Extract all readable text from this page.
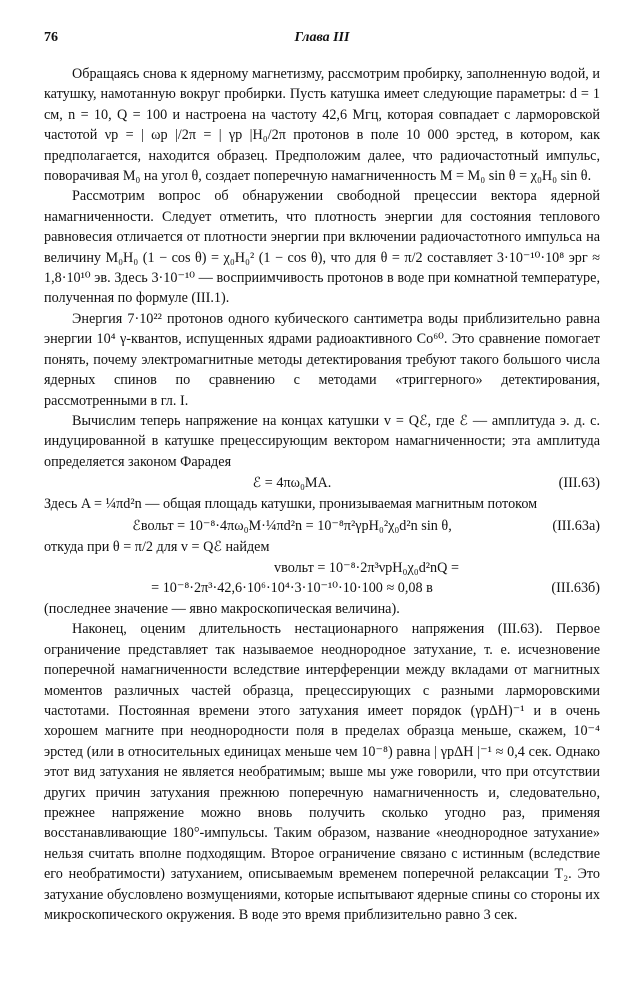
76	Глава III

Обращаясь снова к ядерному магнетизму, рассмотрим пробирку, заполненную водой, и катушку, намотанную вокруг пробирки. Пусть катушка имеет следующие параметры: d = 1 см, n = 10, Q = 100 и настроена на частоту 42,6 Мгц, которая совпадает с ларморовской частотой νp = | ωp |/2π = | γp |H₀/2π протонов в поле 10 000 эрстед, в котором, как предполагается, находится образец. Предположим далее, что радиочастотный импульс, поворачивая M₀ на угол θ, создает поперечную намагниченность M = M₀ sin θ = χ₀H₀ sin θ.

Рассмотрим вопрос об обнаружении свободной прецессии вектора ядерной намагниченности. Следует отметить, что плотность энергии для состояния теплового равновесия отличается от плотности энергии при включении радиочастотного импульса на величину M₀H₀ (1 − cos θ) = χ₀H₀² (1 − cos θ), что для θ = π/2 составляет 3·10⁻¹⁰·10⁸ эрг ≈ 1,8·10¹⁰ эв. Здесь 3·10⁻¹⁰ — восприимчивость протонов в воде при комнатной температуре, полученная по формуле (III.1).

Энергия 7·10²² протонов одного кубического сантиметра воды приблизительно равна энергии 10⁴ γ-квантов, испущенных ядрами радиоактивного Co⁶⁰. Это сравнение помогает понять, почему электромагнитные методы детектирования требуют такого большого числа ядерных спинов по сравнению с методами «триггерного» детектирования, рассмотренными в гл. I.

Вычислим теперь напряжение на концах катушки v = Qℰ, где ℰ — амплитуда э. д. с. индуцированной в катушке прецессирующим вектором намагниченности; эта амплитуда определяется законом Фарадея

ℰ = 4πω₀MA.	(III.63)

Здесь A = ¼πd²n — общая площадь катушки, пронизываемая магнитным потоком

ℰвольт = 10⁻⁸·4πω₀M·¼πd²n = 10⁻⁸π²γpH₀²χ₀d²n sin θ,	(III.63а)

откуда при θ = π/2 для v = Qℰ найдем

vвольт = 10⁻⁸·2π³νpH₀χ₀d²nQ =
= 10⁻⁸·2π³·42,6·10⁶·10⁴·3·10⁻¹⁰·10·100 ≈ 0,08 в	(III.63б)

(последнее значение — явно макроскопическая величина).

Наконец, оценим длительность нестационарного напряжения (III.63). Первое ограничение представляет так называемое неоднородное затухание, т. е. исчезновение поперечной намагниченности вследствие интерференции между вкладами от магнитных моментов различных частей образца, прецессирующих с разными ларморовскими частотами. Постоянная времени этого затухания имеет порядок (γpΔH)⁻¹ и в очень хорошем магните при неоднородности поля в пределах образца меньше, скажем, 10⁻⁴ эрстед (или в относительных единицах меньше чем 10⁻⁸) равна | γpΔH |⁻¹ ≈ 0,4 сек. Однако этот вид затухания не является необратимым; выше мы уже говорили, что при отсутствии других причин затухания прежнюю поперечную намагниченность и, следовательно, прежнее напряжение можно вновь получить сколько угодно раз, применяя восстанавливающие 180°-импульсы. Таким образом, название «неоднородное затухание» нельзя считать вполне подходящим. Второе ограничение связано с истинным (вследствие его необратимости) затуханием, описываемым временем поперечной релаксации T₂. Это затухание обусловлено возмущениями, которые испытывают ядерные спины со стороны их микроскопического окружения. В воде это время приблизительно равно 3 сек.
